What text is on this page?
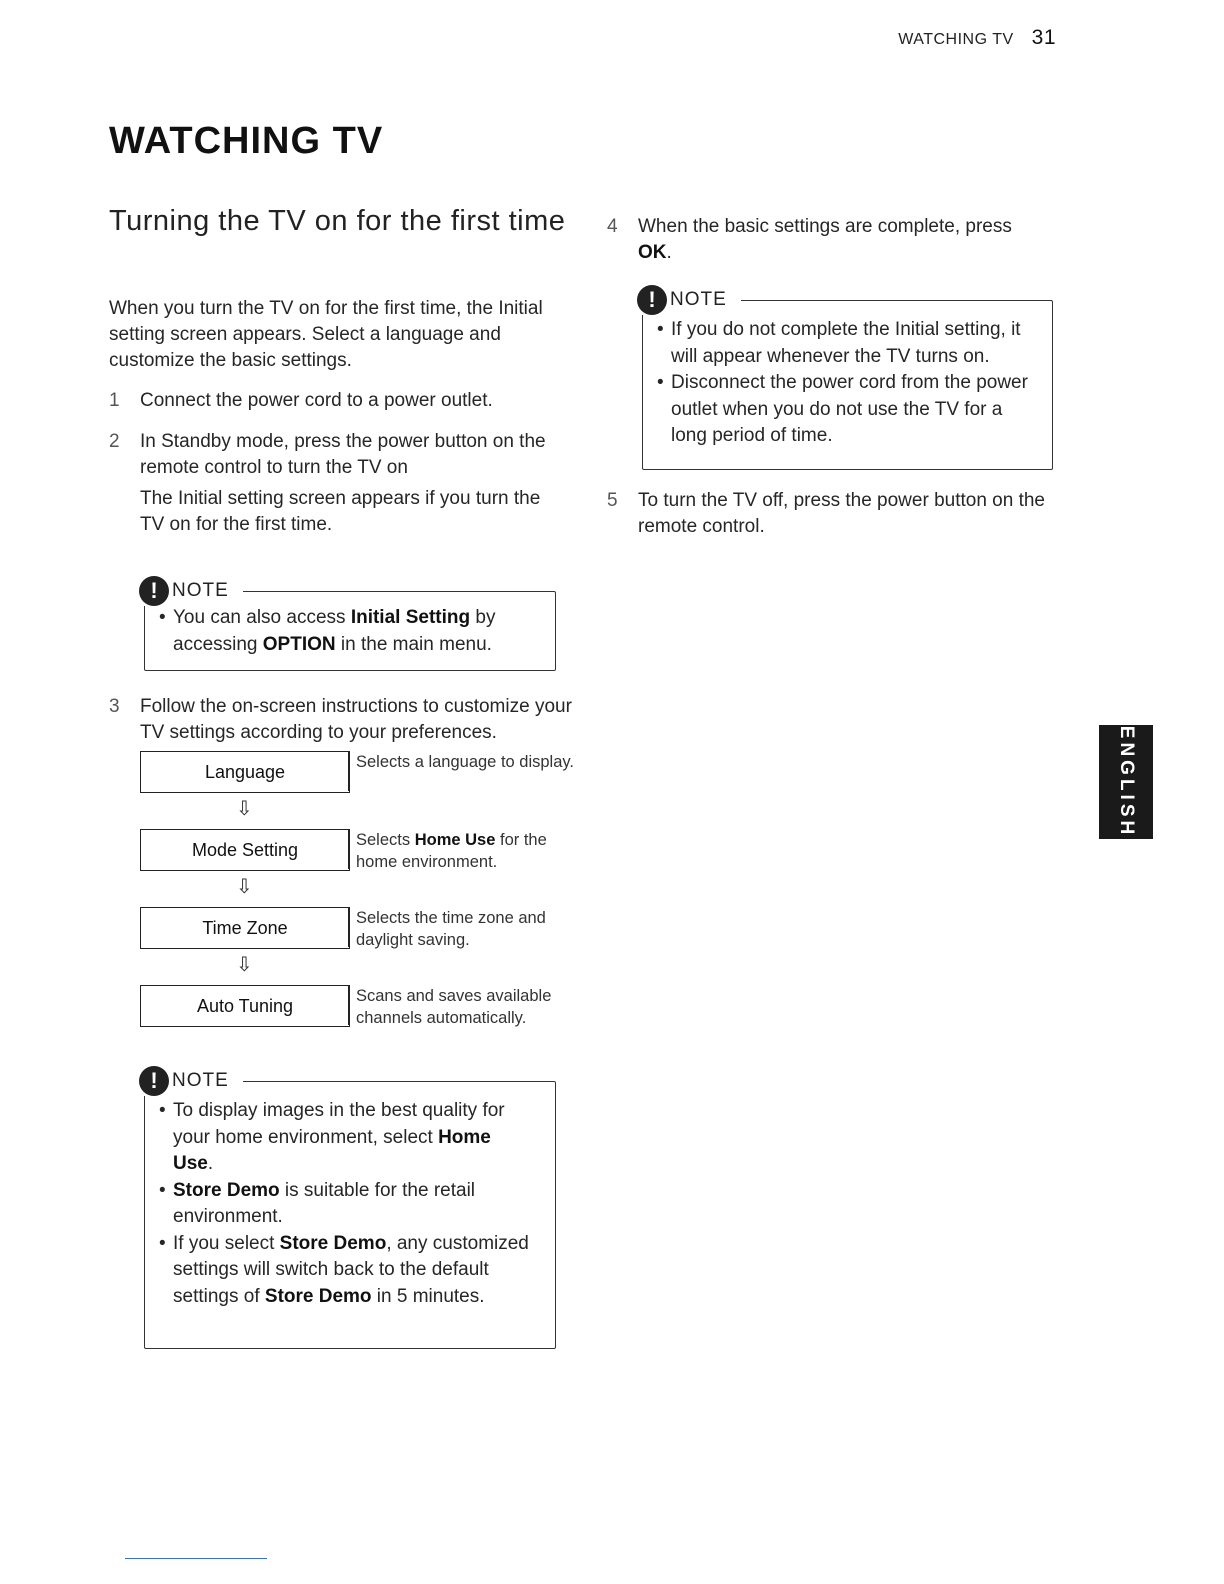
WATCHING TV 31
WATCHING TV
Turning the TV on for the first time
When you turn the TV on for the first time, the Initial setting screen appears. Select a language and customize the basic settings.
1 Connect the power cord to a power outlet.
2 In Standby mode, press the power button on the remote control to turn the TV on
The Initial setting screen appears if you turn the TV on for the first time.
! NOTE
• You can also access Initial Setting by accessing OPTION in the main menu.
3 Follow the on-screen instructions to customize your TV settings according to your preferences.
Language	Selects a language to display.
⇩
Mode Setting	Selects Home Use for the home environment.
⇩
Time Zone	Selects the time zone and daylight saving.
⇩
Auto Tuning	Scans and saves available channels automatically.
! NOTE
• To display images in the best quality for your home environment, select Home Use.
• Store Demo is suitable for the retail environment.
• If you select Store Demo, any customized settings will switch back to the default settings of Store Demo in 5 minutes.
4 When the basic settings are complete, press OK.
! NOTE
• If you do not complete the Initial setting, it will appear whenever the TV turns on.
• Disconnect the power cord from the power outlet when you do not use the TV for a long period of time.
5 To turn the TV off, press the power button on the remote control.
ENGLISH
